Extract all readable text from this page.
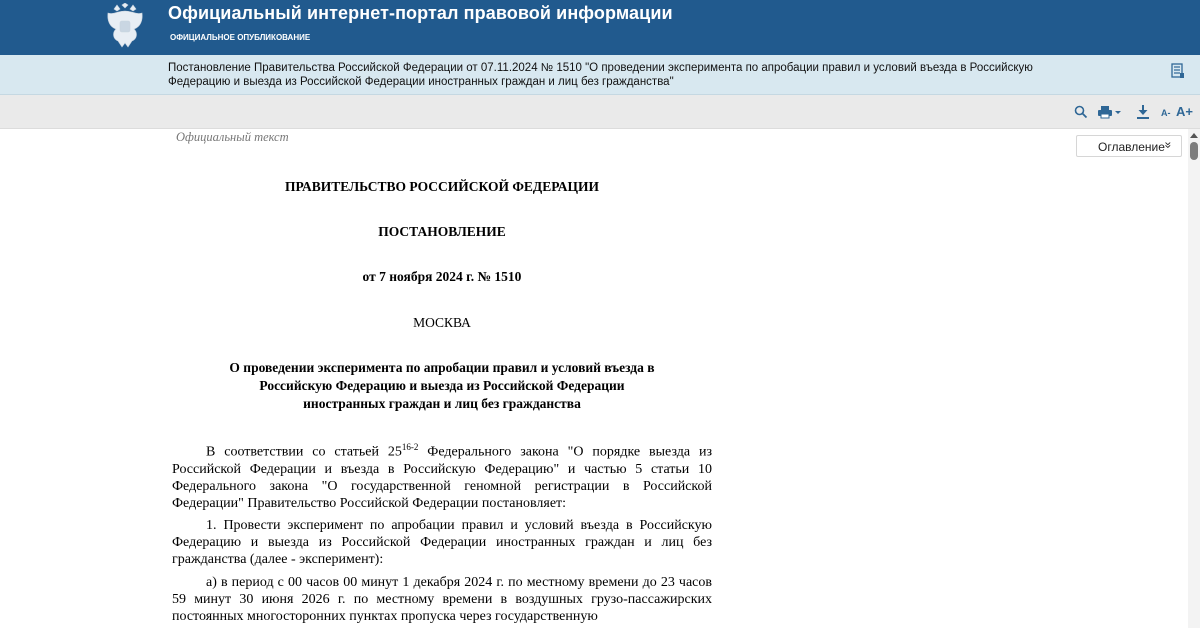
Официальный интернет-портал правовой информации
ОФИЦИАЛЬНОЕ ОПУБЛИКОВАНИЕ
Постановление Правительства Российской Федерации от 07.11.2024 № 1510 "О проведении эксперимента по апробации правил и условий въезда в Российскую Федерацию и выезда из Российской Федерации иностранных граждан и лиц без гражданства"
A- A+
Официальный текст
Оглавление
»
ПРАВИТЕЛЬСТВО РОССИЙСКОЙ ФЕДЕРАЦИИ
ПОСТАНОВЛЕНИЕ
от 7 ноября 2024 г. № 1510
МОСКВА
О проведении эксперимента по апробации правил и условий въезда в
Российскую Федерацию и выезда из Российской Федерации
иностранных граждан и лиц без гражданства
В соответствии со статьей 25$^{16-2}$ Федерального закона "О порядке выезда из Российской Федерации и въезда в Российскую Федерацию" и частью 5 статьи 10 Федерального закона "О государственной геномной регистрации в Российской Федерации" Правительство Российской Федерации постановляет:
1. Провести эксперимент по апробации правил и условий въезда в Российскую Федерацию и выезда из Российской Федерации иностранных граждан и лиц без гражданства (далее - эксперимент):
а) в период с 00 часов 00 минут 1 декабря 2024 г. по местному времени до 23 часов 59 минут 30 июня 2026 г. по местному времени в воздушных грузо-пассажирских постоянных многосторонних пунктах пропуска через государственную
